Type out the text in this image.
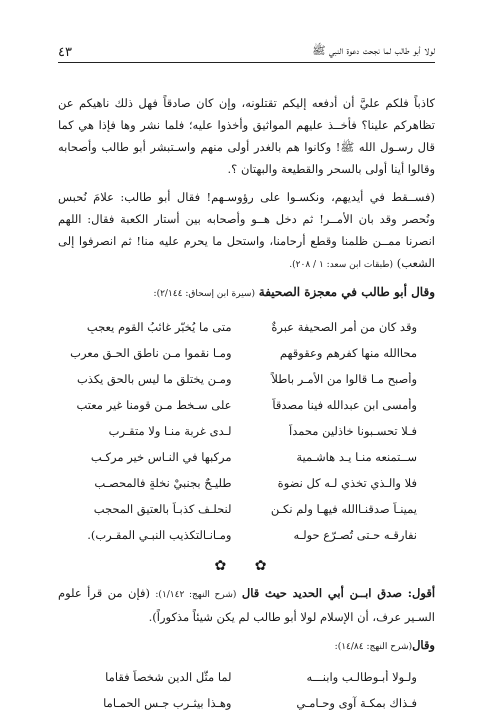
لولا أبو طالب لما نجحت دعوة النبي ﷺ
٤٣

كاذباً فلكم عليَّ أن أدفعه إليكم تقتلونه، وإن كان صادقاً فهل ذلك ناهيكم عن تظاهركم علينا؟ فأخــذ عليهم المواثيق وأخذوا عليه؛ فلما نشر وها فإذا هي كما قال رسـول الله ﷺ! وكانوا هم بالغدر أولى منهم واسـتبشر أبو طالب وأصحابه وقالوا أينا أولى بالسحر والقطيعة والبهتان ؟.

(فســقط في أيديهم، ونكسـوا على رؤوسـهم! فقال أبو طالب: علامَ نُحبس ونُحصر وقد بان الأمــر! ثم دخل هــو وأصحابه بين أستار الكعبة فقال: اللهم انصرنا ممــن ظلمنا وقطع أرحامنا، واستحل ما يحرم عليه منا! ثم انصرفوا إلى الشعب) (طبقات ابن سعد: ١ / ٢٠٨).

وقال أبو طالب في معجزة الصحيفة (سيرة ابن إسحاق: ٢/١٤٤):
وقد كان من أمر الصحيفة عبرةٌ
متى ما يُخبّر غائبُ القوم يعجبِ
محاالله منها كفرهم وعقوقهم
ومـا نقموا مـن ناطق الحـق معرب
وأصبح مـا قالوا من الأمـر باطلاً
ومـن يختلق ما ليس بالحق يكذب
وأمسى ابن عبدالله فينا مصدقاً
على سـخط مـن قومنا غير معتب
فـلا تحسـبونا خاذلين محمداً
لـدى غربة منـا ولا متقـرب
ســتمنعه منـا يـد هاشـمية
مركبها في النـاس خير مركـب
فلا والـذي تخذي لـه كل نضوة
طليـحٌ بجنبيْ نخلةٍ فالمحصـب
يمينـاً صدقنـاالله فيهـا ولم نكـن
لنحلـف كذبـاً بالعتيق المحجب
نفارقـه حـتى تُصـرّع حولـه
ومـانـالتكذيب النبـي المقـرب).
✿ ✿

أقول: صدق ابــن أبي الحديد حيث قال (شرح النهج: ١/١٤٢): (فإن من قرأ علوم السـير عرف، أن الإسلام لولا أبو طالب لم يكن شيئاً مذكوراً).

وقال(شرح النهج: ١٤/٨٤):

ولـولا أبـوطالـب وابنـــه
لما مثَّل الدين شخصاً فقاما
فـذاك بمكـة آوى وحـامـي
وهـذا بيثـرب جـس الحمـاما
